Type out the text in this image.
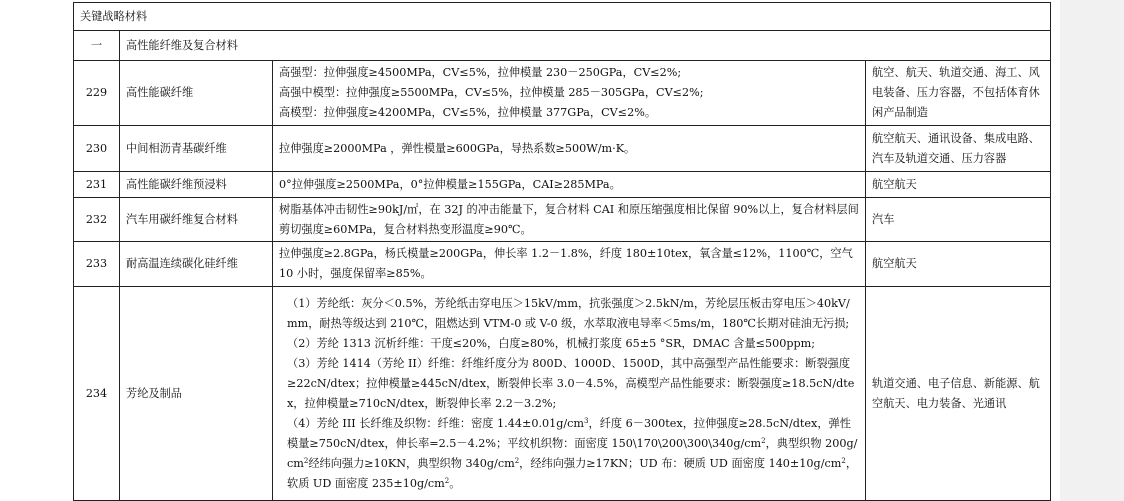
关键战略材料			
一	高性能纤维及复合材料		
229	高性能碳纤维	高强型：拉伸强度≥4500MPa，CV≤5%，拉伸模量 230－250GPa，CV≤2%;
高强中模型：拉伸强度≥5500MPa，CV≤5%，拉伸模量 285－305GPa，CV≤2%;
高模型：拉伸强度≥4200MPa，CV≤5%，拉伸模量 377GPa，CV≤2%。	航空、航天、轨道交通、海工、风电装备、压力容器，不包括体育休闲产品制造
230	中间相沥青基碳纤维	拉伸强度≥2000MPa ，弹性模量≥600GPa，导热系数≥500W/m·K。	航空航天、通讯设备、集成电路、汽车及轨道交通、压力容器
231	高性能碳纤维预浸料	0°拉伸强度≥2500MPa，0°拉伸模量≥155GPa，CAI≥285MPa。	航空航天
232	汽车用碳纤维复合材料	树脂基体冲击韧性≥90kJ/㎡，在 32J 的冲击能量下，复合材料 CAI 和原压缩强度相比保留 90%以上，复合材料层间剪切强度≥60MPa，复合材料热变形温度≥90℃。	汽车
233	耐高温连续碳化硅纤维	拉伸强度≥2.8GPa，杨氏模量≥200GPa，伸长率 1.2－1.8%，纤度 180±10tex，氧含量≤12%，1100℃，空气 10 小时，强度保留率≥85%。	航空航天
234	芳纶及制品	（1）芳纶纸：灰分＜0.5%，芳纶纸击穿电压＞15kV/mm，抗张强度＞2.5kN/m，芳纶层压板击穿电压＞40kV/mm，耐热等级达到 210℃，阻燃达到 VTM-0 或 V-0 级，水萃取液电导率＜5ms/m，180℃长期对硅油无污损;
（2）芳纶 1313 沉析纤维：干度≤20%，白度≥80%，机械打浆度 65±5 °SR，DMAC 含量≤500ppm;
（3）芳纶 1414（芳纶 II）纤维：纤维纤度分为 800D、1000D、1500D，其中高强型产品性能要求：断裂强度≥22cN/dtex；拉伸模量≥445cN/dtex，断裂伸长率 3.0－4.5%，高模型产品性能要求：断裂强度≥18.5cN/dtex，拉伸模量≥710cN/dtex，断裂伸长率 2.2－3.2%;
（4）芳纶 III 长纤维及织物：纤维：密度 $1.44\pm 0.01g/cm^3$，纤度 6－300tex，拉伸强度≥28.5cN/dtex，弹性模量≥750cN/dtex，伸长率=2.5－4.2%；平纹机织物：面密度 $150\backslash 170\backslash 200\backslash 300\backslash 340g/cm^2$，典型织物 $200g/cm^2$经纬向强力≥10KN，典型织物 $340g/cm^2$，经纬向强力≥17KN；UD 布：硬质 UD 面密度 $140\pm 10g/cm^2$，软质 UD 面密度 $235\pm 10g/cm^2$。	轨道交通、电子信息、新能源、航空航天、电力装备、光通讯
